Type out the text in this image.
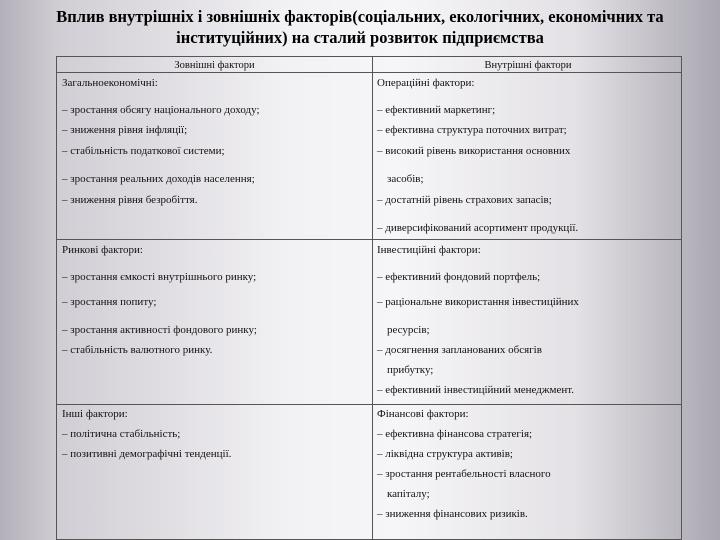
Вплив внутрішніх і зовнішніх факторів(соціальних, екологічних, економічних та
інституційних) на сталий розвиток підприємства
Зовнішні фактори	Внутрішні фактори
Загальноекономічні:
– зростання обсягу національного доходу;
– зниження рівня інфляції;
– стабільність податкової системи;
– зростання реальних доходів населення;
– зниження рівня безробіття.
Операційні фактори:
– ефективний маркетинг;
– ефективна структура поточних витрат;
– високий рівень використання основних
засобів;
– достатній рівень страхових запасів;
– диверсифікований асортимент продукції.
Ринкові фактори:
– зростання ємкості внутрішнього ринку;
– зростання попиту;
– зростання активності фондового ринку;
– стабільність валютного ринку.
Інвестиційні фактори:
– ефективний фондовий портфель;
– раціональне використання інвестиційних
ресурсів;
– досягнення запланованих обсягів
прибутку;
– ефективний інвестиційний менеджмент.
Інші фактори:
– політична стабільність;
– позитивні демографічні тенденції.
Фінансові фактори:
– ефективна фінансова стратегія;
– ліквідна структура активів;
– зростання рентабельності власного
капіталу;
– зниження фінансових ризиків.
